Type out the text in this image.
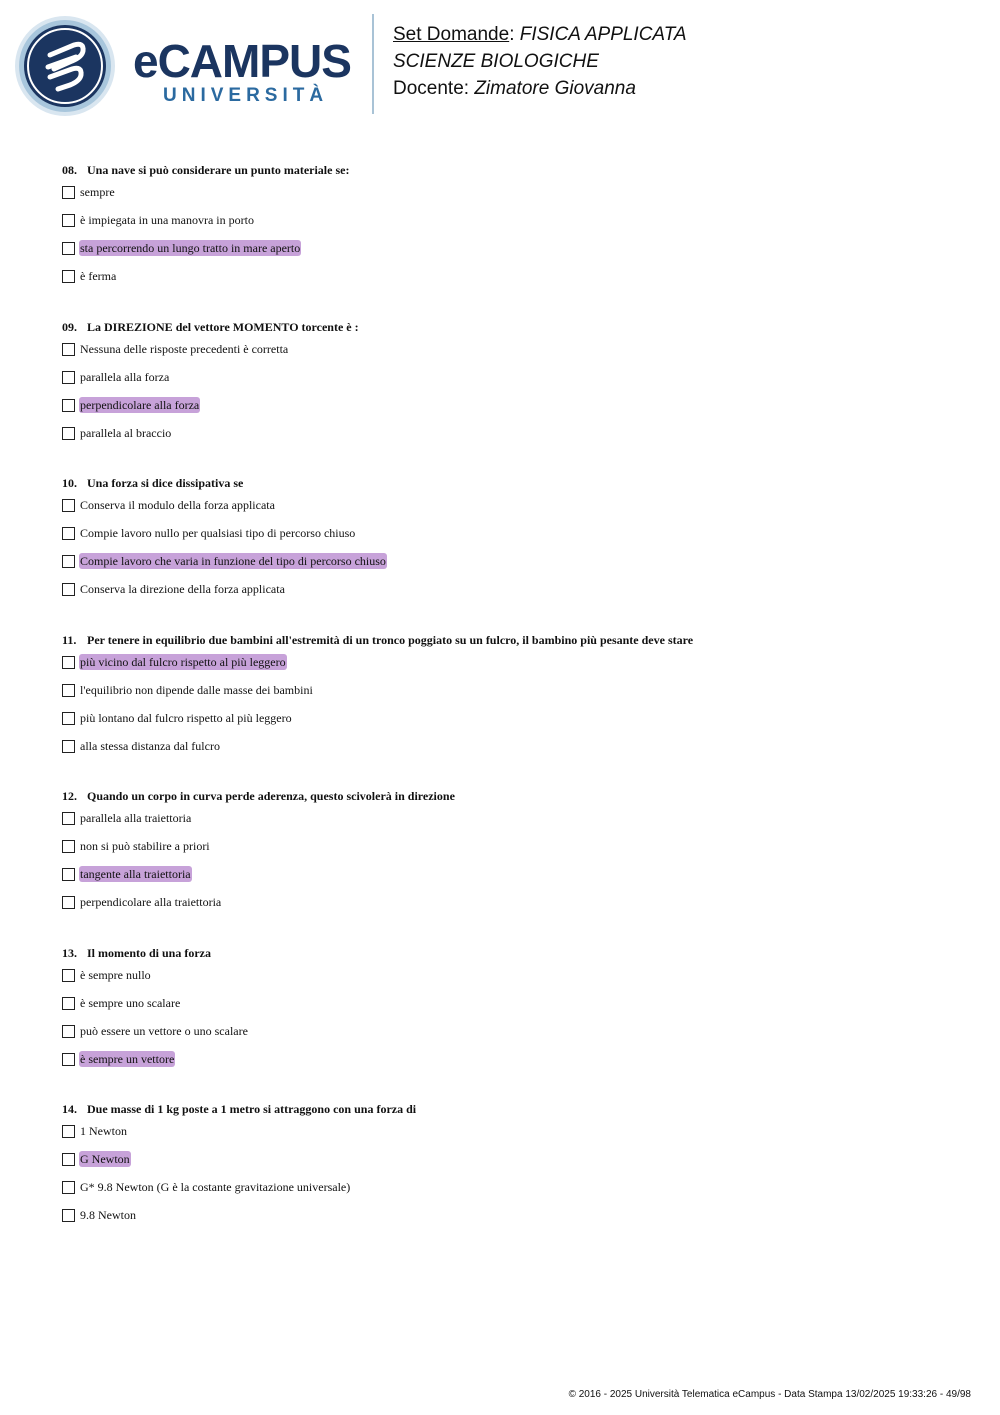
eCAMPUS
UNIVERSITÀ
Set Domande: FISICA APPLICATA
SCIENZE BIOLOGICHE
Docente: Zimatore Giovanna
08. Una nave si può considerare un punto materiale se:
sempre
è impiegata in una manovra in porto
sta percorrendo un lungo tratto in mare aperto
è ferma
09. La DIREZIONE del vettore MOMENTO torcente è :
Nessuna delle risposte precedenti è corretta
parallela alla forza
perpendicolare alla forza
parallela al braccio
10. Una forza si dice dissipativa se
Conserva il modulo della forza applicata
Compie lavoro nullo per qualsiasi tipo di percorso chiuso
Compie lavoro che varia in funzione del tipo di percorso chiuso
Conserva la direzione della forza applicata
11. Per tenere in equilibrio due bambini all'estremità di un tronco poggiato su un fulcro, il bambino più pesante deve stare
più vicino dal fulcro rispetto al più leggero
l'equilibrio non dipende dalle masse dei bambini
più lontano dal fulcro rispetto al più leggero
alla stessa distanza dal fulcro
12. Quando un corpo in curva perde aderenza, questo scivolerà in direzione
parallela alla traiettoria
non si può stabilire a priori
tangente alla traiettoria
perpendicolare alla traiettoria
13. Il momento di una forza
è sempre nullo
è sempre uno scalare
può essere un vettore o uno scalare
è sempre un vettore
14. Due masse di 1 kg poste a 1 metro si attraggono con una forza di
1 Newton
G Newton
G* 9.8 Newton (G è la costante gravitazione universale)
9.8 Newton
© 2016 - 2025 Università Telematica eCampus - Data Stampa 13/02/2025 19:33:26 - 49/98
